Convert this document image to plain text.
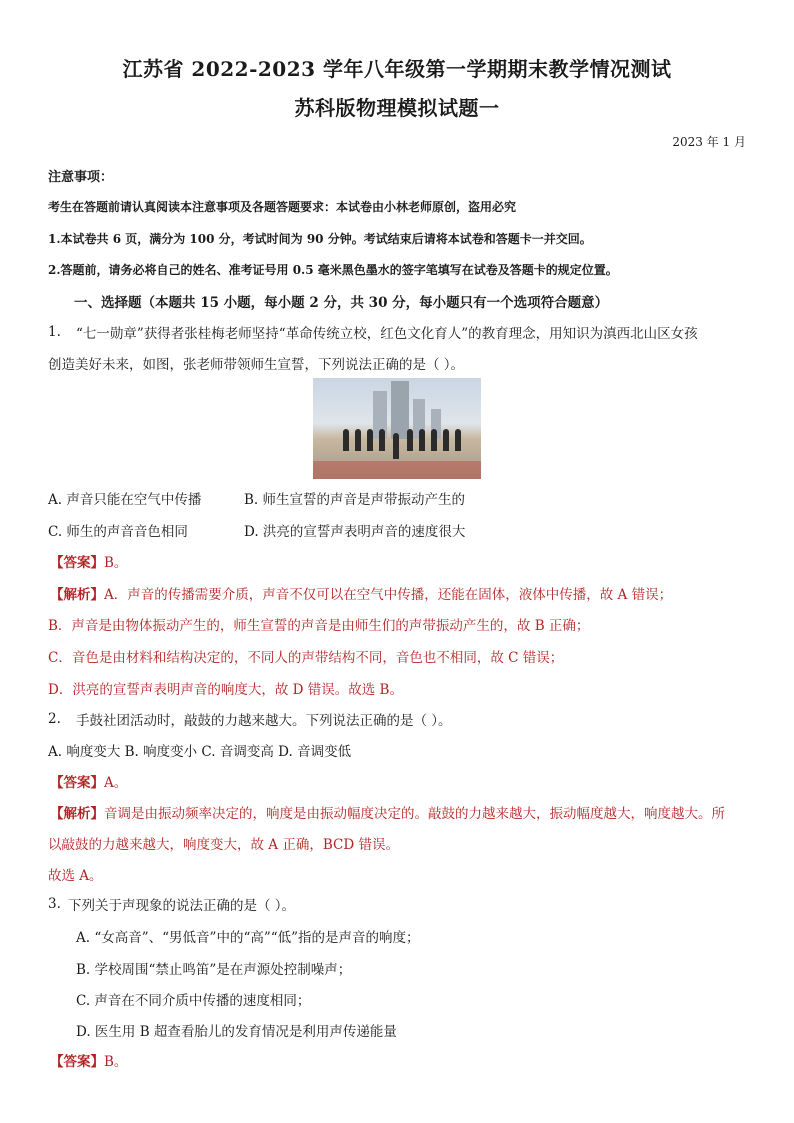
江苏省 2022-2023 学年八年级第一学期期末教学情况测试
苏科版物理模拟试题一
2023 年 1 月
注意事项：
考生在答题前请认真阅读本注意事项及各题答题要求：本试卷由小林老师原创，盗用必究
1.本试卷共 6 页，满分为 100 分，考试时间为 90 分钟。考试结束后请将本试卷和答题卡一并交回。
2.答题前，请务必将自己的姓名、准考证号用 0.5 毫米黑色墨水的签字笔填写在试卷及答题卡的规定位置。
一、选择题（本题共 15 小题，每小题 2 分，共 30 分，每小题只有一个选项符合题意）
1. “七一勋章”获得者张桂梅老师坚持“革命传统立校，红色文化育人”的教育理念，用知识为滇西北山区女孩
创造美好未来，如图，张老师带领师生宣誓，下列说法正确的是（ ）。
A. 声音只能在空气中传播	B. 师生宣誓的声音是声带振动产生的
C. 师生的声音音色相同	D. 洪亮的宣誓声表明声音的速度很大
【答案】B。
【解析】A．声音的传播需要介质，声音不仅可以在空气中传播，还能在固体，液体中传播，故 A 错误；
B．声音是由物体振动产生的，师生宣誓的声音是由师生们的声带振动产生的，故 B 正确；
C．音色是由材料和结构决定的，不同人的声带结构不同，音色也不相同，故 C 错误；
D．洪亮的宣誓声表明声音的响度大，故 D 错误。故选 B。
2. 手鼓社团活动时，敲鼓的力越来越大。下列说法正确的是（ ）。
A. 响度变大 B. 响度变小 C. 音调变高 D. 音调变低
【答案】A。
【解析】音调是由振动频率决定的，响度是由振动幅度决定的。敲鼓的力越来越大，振动幅度越大，响度越大。所
以敲鼓的力越来越大，响度变大，故 A 正确，BCD 错误。
故选 A。
3. 下列关于声现象的说法正确的是（ ）。
A. “女高音”、“男低音”中的“高”“低”指的是声音的响度；
B. 学校周围“禁止鸣笛”是在声源处控制噪声；
C. 声音在不同介质中传播的速度相同；
D. 医生用 B 超查看胎儿的发育情况是利用声传递能量
【答案】B。
